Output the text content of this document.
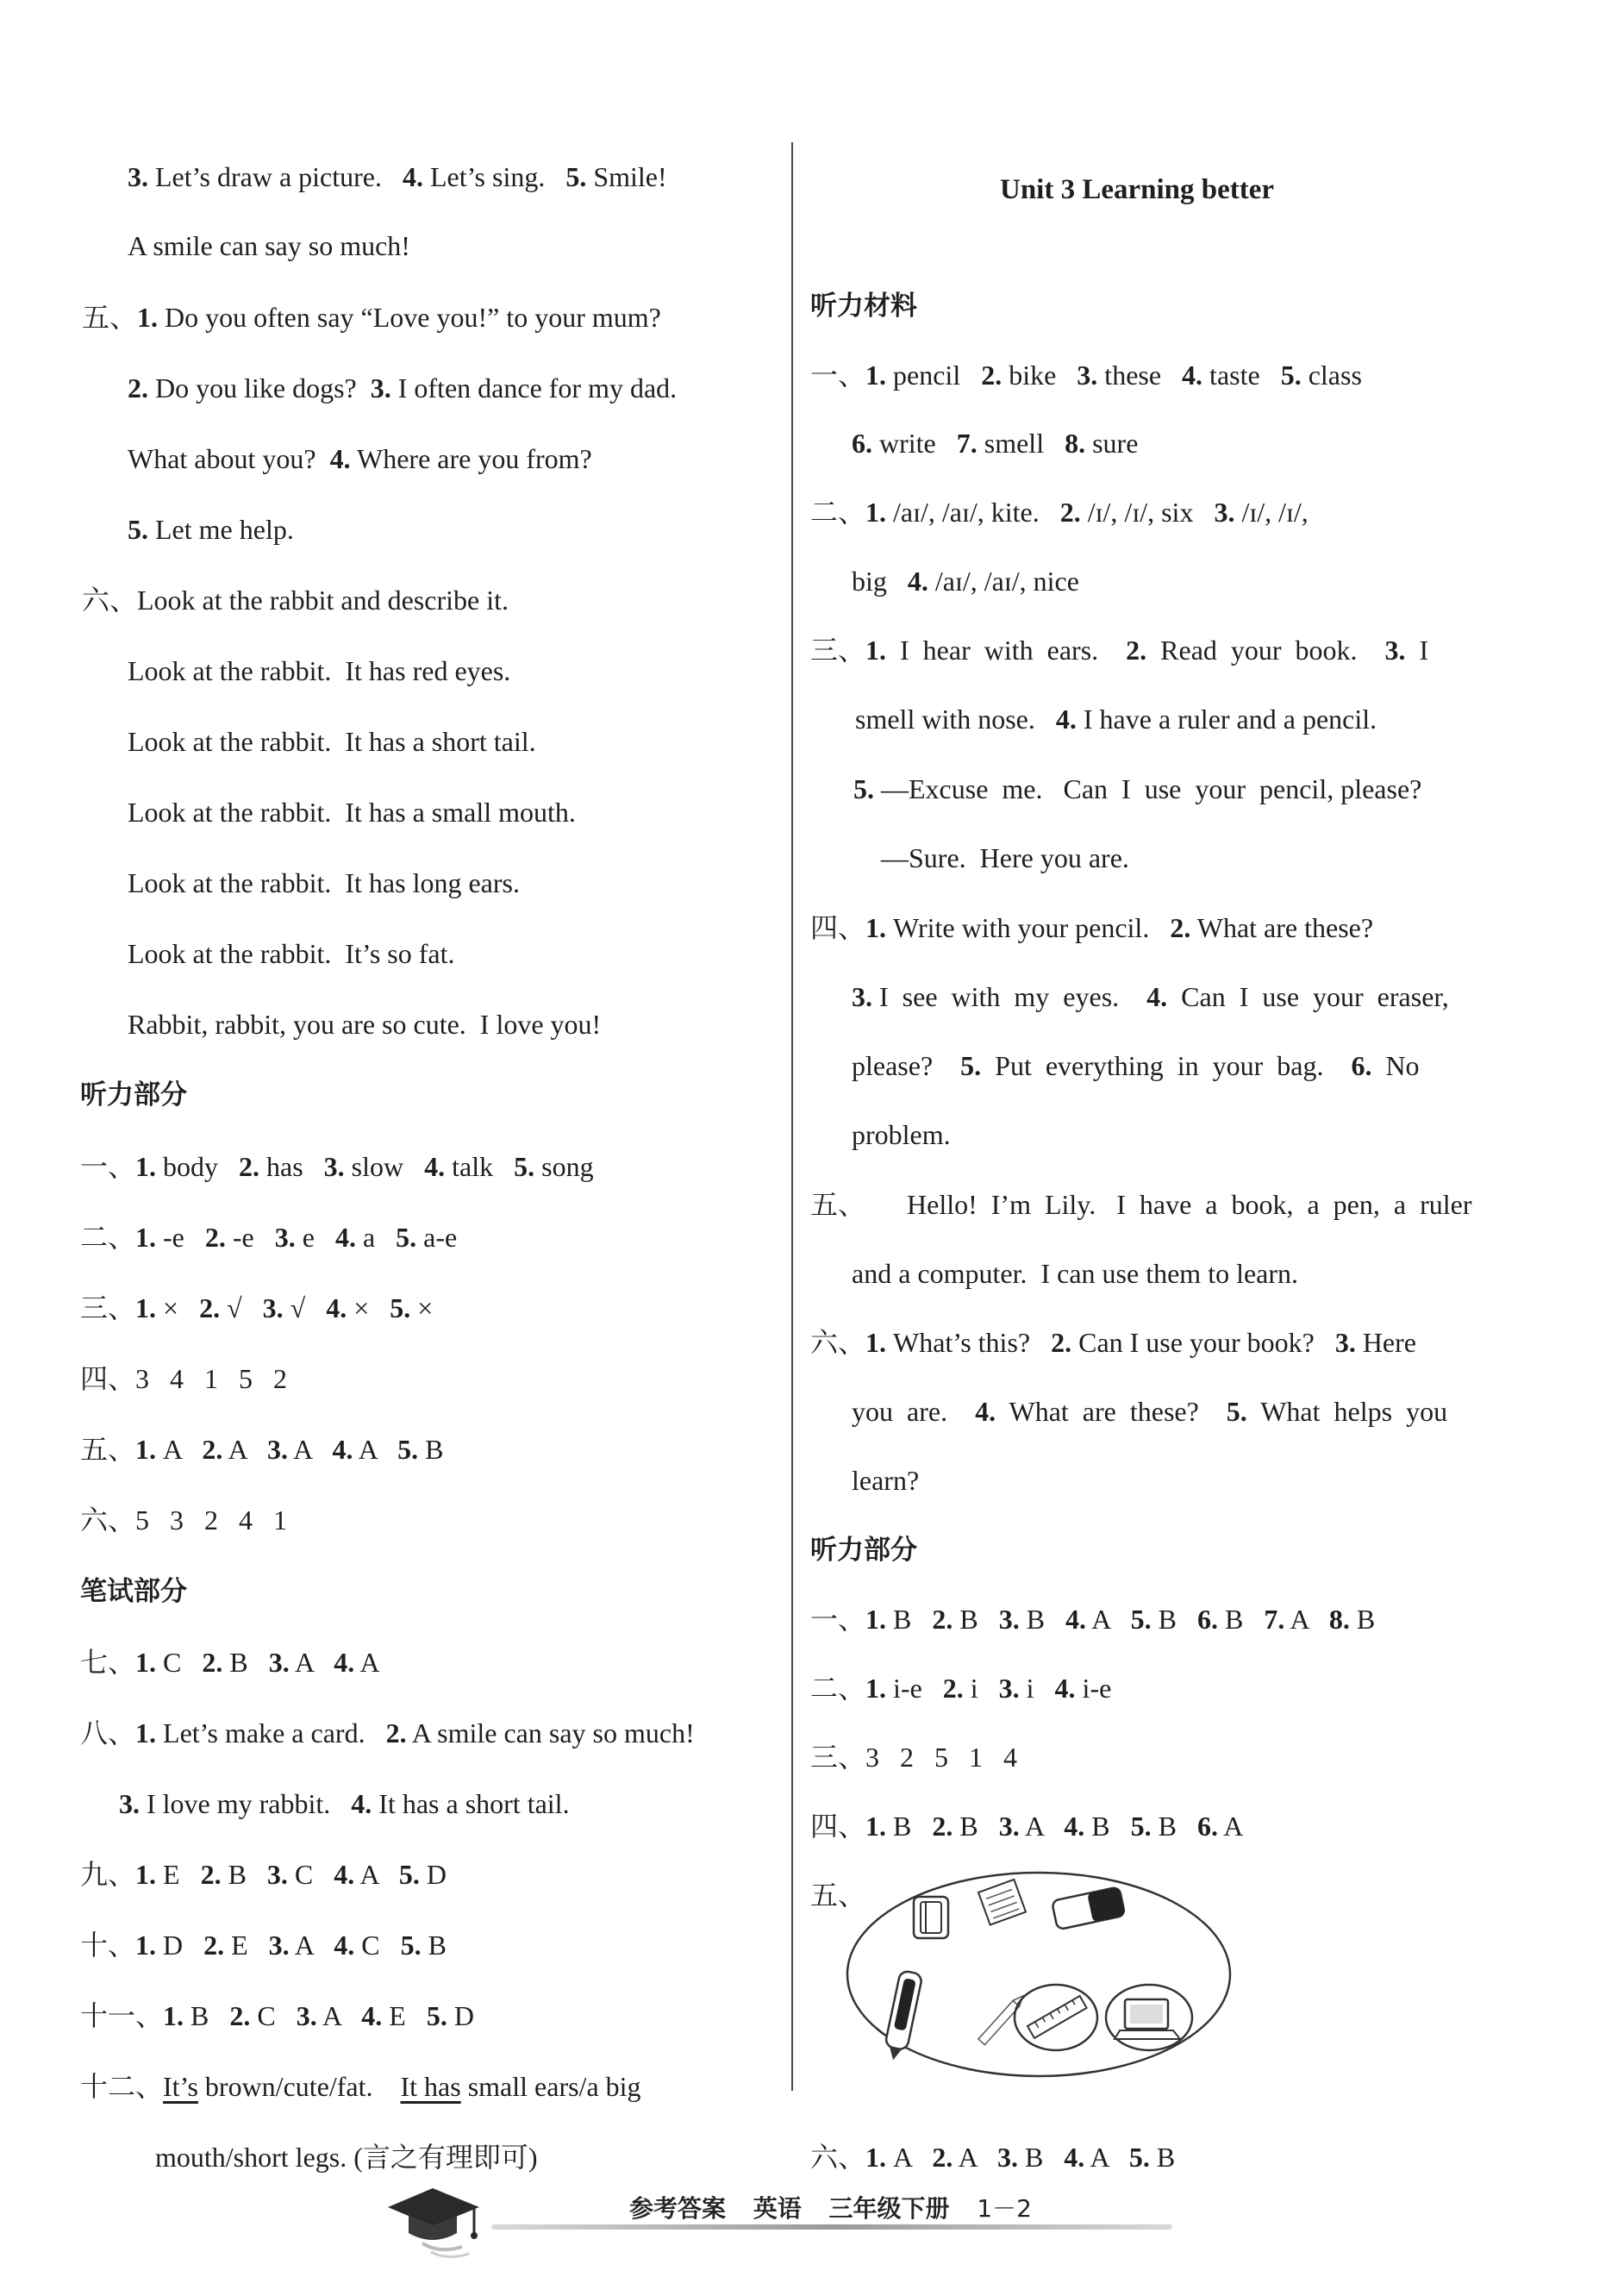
Unit 3 Learning better
参考答案 英语 三年级下册 1－2
3. Let’s draw a picture.   4. Let’s sing.   5. Smile!
A smile can say so much!
五、1. Do you often say “Love you!” to your mum?
2. Do you like dogs?  3. I often dance for my dad.
What about you?  4. Where are you from?
5. Let me help.
六、Look at the rabbit and describe it.
Look at the rabbit.  It has red eyes.
Look at the rabbit.  It has a short tail.
Look at the rabbit.  It has a small mouth.
Look at the rabbit.  It has long ears.
Look at the rabbit.  It’s so fat.
Rabbit, rabbit, you are so cute.  I love you!
听力部分
一、1. body   2. has   3. slow   4. talk   5. song
二、1. -e   2. -e   3. e   4. a   5. a-e
三、1. ×   2. √   3. √   4. ×   5. ×
四、3   4   1   5   2
五、1. A   2. A   3. A   4. A   5. B
六、5   3   2   4   1
笔试部分
七、1. C   2. B   3. A   4. A
八、1. Let’s make a card.   2. A smile can say so much!
3. I love my rabbit.   4. It has a short tail.
九、1. E   2. B   3. C   4. A   5. D
十、1. D   2. E   3. A   4. C   5. B
十一、1. B   2. C   3. A   4. E   5. D
十二、It’s brown/cute/fat.    It has small ears/a big
mouth/short legs. (言之有理即可)
听力材料
一、1. pencil   2. bike   3. these   4. taste   5. class
6. write   7. smell   8. sure
二、1. /aɪ/, /aɪ/, kite.   2. /ɪ/, /ɪ/, six   3. /ɪ/, /ɪ/,
big   4. /aɪ/, /aɪ/, nice
三、1.  I  hear  with  ears.    2.  Read  your  book.    3.  I
smell with nose.   4. I have a ruler and a pencil.
5. —Excuse  me.   Can  I  use  your  pencil, please?
—Sure.  Here you are.
四、1. Write with your pencil.   2. What are these?
3. I  see  with  my  eyes.    4.  Can  I  use  your  eraser,
please?    5.  Put  everything  in  your  bag.    6.  No
problem.
五、      Hello!  I’m  Lily.   I  have  a  book,  a  pen,  a  ruler
and a computer.  I can use them to learn.
六、1. What’s this?   2. Can I use your book?   3. Here
you  are.    4.  What  are  these?    5.  What  helps  you
learn?
听力部分
一、1. B   2. B   3. B   4. A   5. B   6. B   7. A   8. B
二、1. i-e   2. i   3. i   4. i-e
三、3   2   5   1   4
四、1. B   2. B   3. A   4. B   5. B   6. A
五、
六、1. A   2. A   3. B   4. A   5. B
